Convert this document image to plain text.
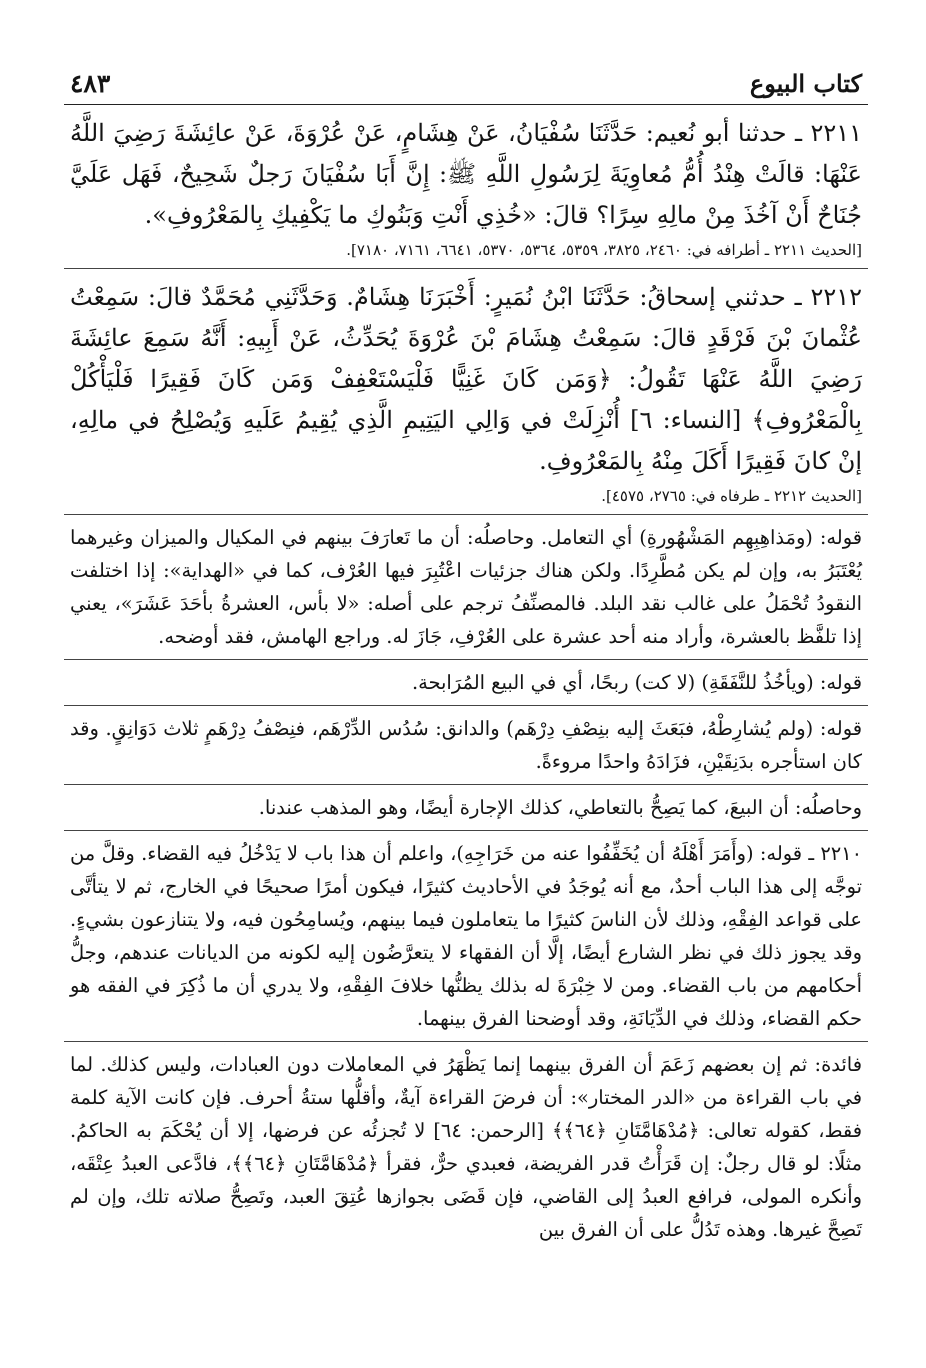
كتاب البيوع
٤٨٣

٢٢١١ ـ حدثنا أبو نُعيم: حَدَّثَنَا سُفْيَانُ، عَنْ هِشَامٍ، عَنْ عُرْوَةَ، عَنْ عائِشَةَ رَضِيَ اللَّهُ عَنْهَا: قالَتْ هِنْدُ أُمُّ مُعاوِيَةَ لِرَسُولِ اللَّهِ ﷺ: إِنَّ أَبَا سُفْيَانَ رَجلٌ شَحِيحٌ، فَهَل عَلَيَّ جُنَاحٌ أَنْ آخُذَ مِنْ مالِهِ سِرًا؟ قالَ: «خُذِي أَنْتِ وَبَنُوكِ ما يَكْفِيكِ بِالمَعْرُوفِ».
[الحديث ٢٢١١ ـ أطرافه في: ٢٤٦٠، ٣٨٢٥، ٥٣٥٩، ٥٣٦٤، ٥٣٧٠، ٦٦٤١، ٧١٦١، ٧١٨٠].

٢٢١٢ ـ حدثني إسحاقُ: حَدَّثَنَا ابْنُ نُمَيرٍ: أَخْبَرَنَا هِشَامٌ. وَحَدَّثَنِي مُحَمَّدٌ قالَ: سَمِعْتُ عُثْمانَ بْنَ فَرْقَدٍ قالَ: سَمِعْتُ هِشَامَ بْنَ عُرْوَةَ يُحَدِّثُ، عَنْ أَبِيهِ: أَنَّهُ سَمِعَ عائِشَةَ رَضِيَ اللَّهُ عَنْهَا تَقُولُ: ﴿وَمَن كَانَ غَنِيًّا فَلْيَسْتَعْفِفْ وَمَن كَانَ فَقِيرًا فَلْيَأْكُلْ بِالْمَعْرُوفِ﴾ [النساء: ٦] أُنْزِلَتْ في وَالِي اليَتِيمِ الَّذِي يُقِيمُ عَلَيهِ وَيُصْلِحُ في مالِهِ، إنْ كانَ فَقِيرًا أَكَلَ مِنْهُ بِالمَعْرُوفِ.
[الحديث ٢٢١٢ ـ طرفاه في: ٢٧٦٥، ٤٥٧٥].

قوله: (ومَذاهِبِهِم المَشْهُورةِ) أي التعامل. وحاصلُه: أن ما تَعارَفَ بينهم في المكيال والميزان وغيرهما يُعْتَبَرُ به، وإن لم يكن مُطَّرِدًا. ولكن هناك جزئيات اعْتُبِرَ فيها العُرْف، كما في «الهداية»: إذا اختلفت النقودُ تُحْمَلُ على غالب نقد البلد. فالمصنِّفُ ترجم على أصله: «لا بأس، العشرةُ بأحَدَ عَشَرَ»، يعني إذا تلفَّظ بالعشرة، وأراد منه أحد عشرة على العُرْفِ، جَازَ له. وراجع الهامش، فقد أوضحه.

قوله: (ويأخُذُ للنَّفَقَةِ) (لا كت) ربحًا، أي في البيع المُرَابحة.

قوله: (ولم يُشارِطْهُ، فبَعَثَ إليه بنِصْفِ دِرْهَم) والدانق: سُدُس الدِّرْهَم، فنِصْفُ دِرْهَمٍ ثلاث دَوَانِقٍ. وقد كان استأجره بدَنِقَيْنِ، فزَادَهُ واحدًا مروءةً.

وحاصلُه: أن البيعَ، كما يَصِحُّ بالتعاطي، كذلك الإجارة أيضًا، وهو المذهب عندنا.

٢٢١٠ ـ قوله: (وأَمَرَ أَهْلَهُ أن يُخَفِّفُوا عنه من خَرَاجِهِ)، واعلم أن هذا باب لا يَدْخُلُ فيه القضاء. وقلَّ من توجَّه إلى هذا الباب أحدٌ، مع أنه يُوجَدُ في الأحاديث كثيرًا، فيكون أمرًا صحيحًا في الخارج، ثم لا يتأتَّى على قواعد الفِقْهِ، وذلك لأن الناسَ كثيرًا ما يتعاملون فيما بينهم، ويُسامِحُون فيه، ولا يتنازعون بشيءٍ. وقد يجوز ذلك في نظر الشارع أيضًا، إلَّا أن الفقهاء لا يتعرَّضُون إليه لكونه من الديانات عندهم، وجلُّ أحكامهم من باب القضاء. ومن لا خِبْرَةَ له بذلك يظنُّها خلافَ الفِقْهِ، ولا يدري أن ما ذُكِرَ في الفقه هو حكم القضاء، وذلك في الدِّيَانَةِ، وقد أوضحنا الفرق بينهما.

فائدة: ثم إن بعضهم زَعَمَ أن الفرق بينهما إنما يَظْهَرُ في المعاملات دون العبادات، وليس كذلك. لما في باب القراءة من «الدر المختار»: أن فرضَ القراءة آيةٌ، وأقلُّها ستةُ أحرف. فإن كانت الآية كلمة فقط، كقوله تعالى: ﴿مُدْهَامَّتَانِ ﴿٦٤﴾﴾ [الرحمن: ٦٤] لا تُجزئُه عن فرضها، إلا أن يُحْكَمَ به الحاكمُ. مثلًا: لو قال رجلٌ: إن قَرَأْتُ قدر الفريضة، فعبدي حرٌّ، فقرأ ﴿مُدْهَامَّتَانِ ﴿٦٤﴾﴾، فادَّعى العبدُ عِتْقَه، وأنكره المولى، فرافع العبدُ إلى القاضي، فإن قَضَى بجوازها عُتِقَ العبد، وتَصِحُّ صلاته تلك، وإن لم تَصِحَّ غيرها. وهذه تَدُلُّ على أن الفرق بين
